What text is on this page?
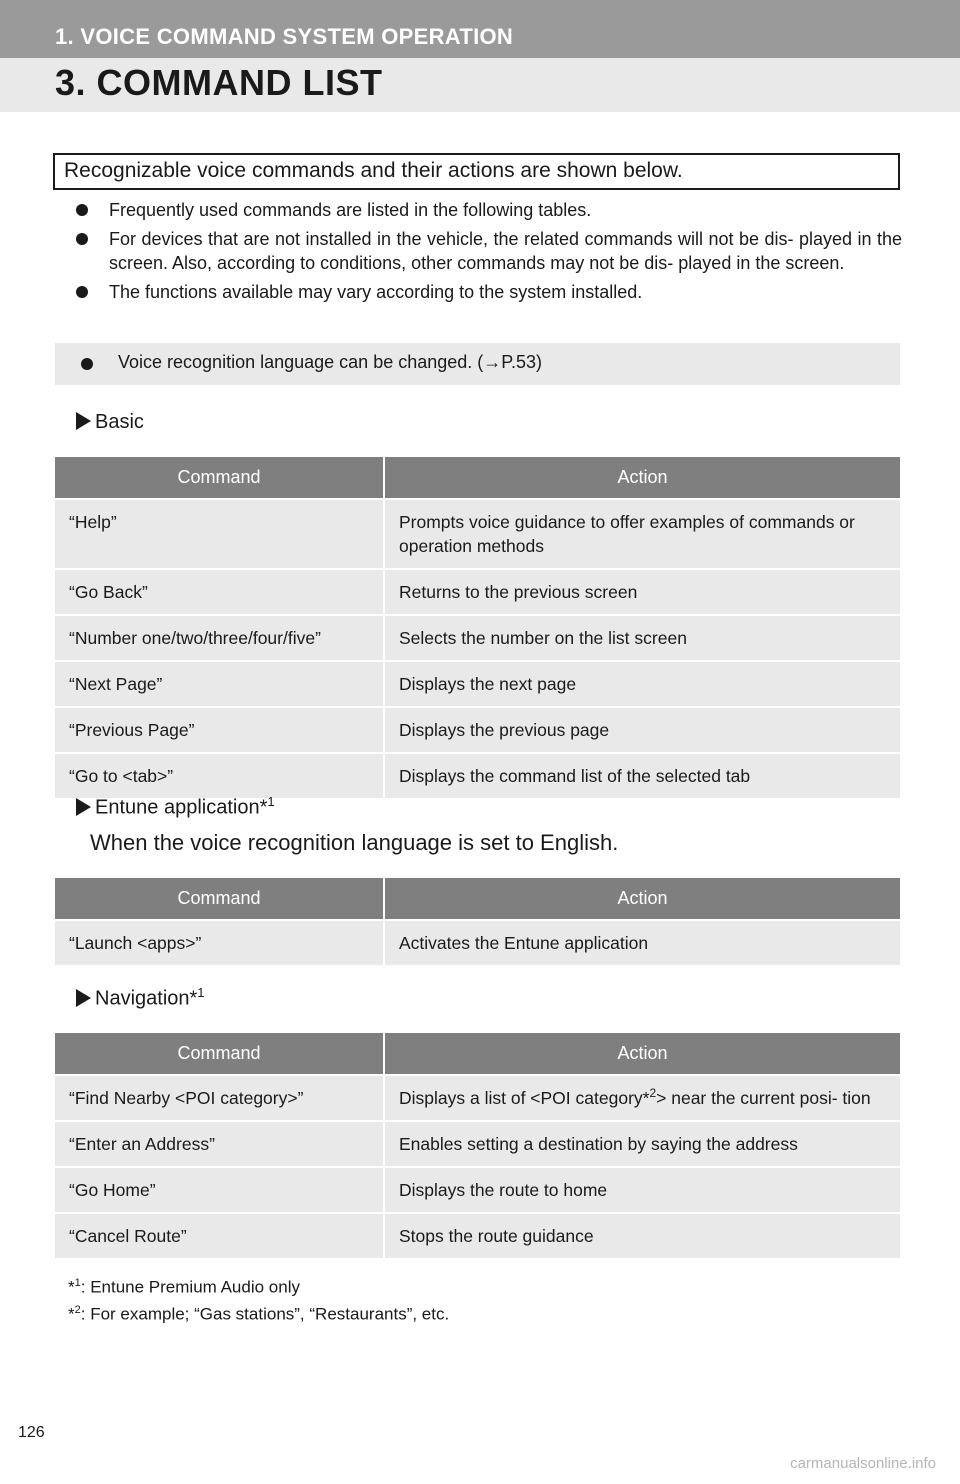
1. VOICE COMMAND SYSTEM OPERATION
3. COMMAND LIST
Recognizable voice commands and their actions are shown below.
Frequently used commands are listed in the following tables.
For devices that are not installed in the vehicle, the related commands will not be dis- played in the screen. Also, according to conditions, other commands may not be dis- played in the screen.
The functions available may vary according to the system installed.
Voice recognition language can be changed. (→P.53)
Basic
Command	Action
“Help”	Prompts voice guidance to offer examples of commands or operation methods
“Go Back”	Returns to the previous screen
“Number one/two/three/four/five”	Selects the number on the list screen
“Next Page”	Displays the next page
“Previous Page”	Displays the previous page
“Go to <tab>”	Displays the command list of the selected tab
Entune application*$^1$
When the voice recognition language is set to English.
Command	Action
“Launch <apps>”	Activates the Entune application
Navigation*$^1$
Command	Action
“Find Nearby <POI category>”	Displays a list of <POI category*$^2$> near the current posi- tion
“Enter an Address”	Enables setting a destination by saying the address
“Go Home”	Displays the route to home
“Cancel Route”	Stops the route guidance
*$^1$: Entune Premium Audio only
*$^2$: For example; “Gas stations”, “Restaurants”, etc.
126
carmanualsonline.info
